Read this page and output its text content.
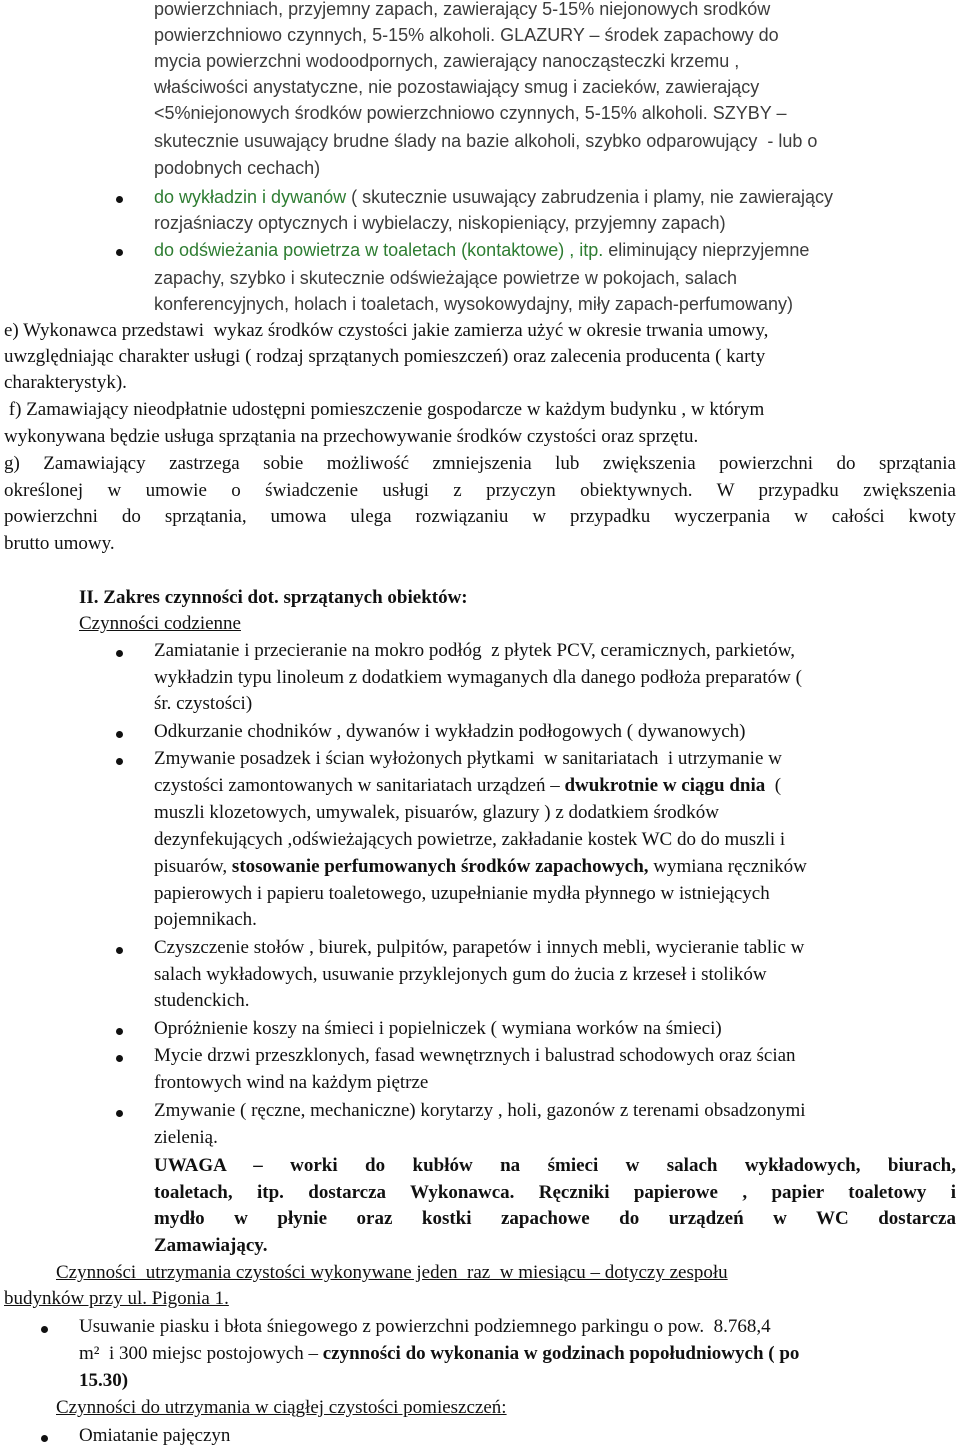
powierzchniach, przyjemny zapach, zawierający 5-15% niejonowych srodków
powierzchniowo czynnych, 5-15% alkoholi. GLAZURY – środek zapachowy do
mycia powierzchni wodoodpornych, zawierający nanocząsteczki krzemu ,
właściwości anystatyczne, nie pozostawiający smug i zacieków, zawierający
<5%niejonowych środków powierzchniowo czynnych, 5-15% alkoholi. SZYBY –
skutecznie usuwający brudne ślady na bazie alkoholi, szybko odparowujący  - lub o
podobnych cechach)
do wykładzin i dywanów ( skutecznie usuwający zabrudzenia i plamy, nie zawierający
rozjaśniaczy optycznych i wybielaczy, niskopieniący, przyjemny zapach)
do odświeżania powietrza w toaletach (kontaktowe) , itp. eliminujący nieprzyjemne
zapachy, szybko i skutecznie odświeżające powietrze w pokojach, salach
konferencyjnych, holach i toaletach, wysokowydajny, miły zapach-perfumowany)
e) Wykonawca przedstawi  wykaz środków czystości jakie zamierza użyć w okresie trwania umowy,
uwzględniając charakter usługi ( rodzaj sprzątanych pomieszczeń) oraz zalecenia producenta ( karty
charakterystyk).
f) Zamawiający nieodpłatnie udostępni pomieszczenie gospodarcze w każdym budynku , w którym
wykonywana będzie usługa sprzątania na przechowywanie środków czystości oraz sprzętu.
g) Zamawiający zastrzega sobie możliwość zmniejszenia lub zwiększenia powierzchni do sprzątania
określonej w umowie o świadczenie usługi z przyczyn obiektywnych. W przypadku zwiększenia
powierzchni do sprzątania, umowa ulega rozwiązaniu w przypadku wyczerpania w całości kwoty
brutto umowy.
II. Zakres czynności dot. sprzątanych obiektów:
Czynności codzienne
Zamiatanie i przecieranie na mokro podłóg  z płytek PCV, ceramicznych, parkietów,
wykładzin typu linoleum z dodatkiem wymaganych dla danego podłoża preparatów (
śr. czystości)
Odkurzanie chodników , dywanów i wykładzin podłogowych ( dywanowych)
Zmywanie posadzek i ścian wyłożonych płytkami  w sanitariatach  i utrzymanie w
czystości zamontowanych w sanitariatach urządzeń – dwukrotnie w ciągu dnia  (
muszli klozetowych, umywalek, pisuarów, glazury ) z dodatkiem środków
dezynfekujących ,odświeżających powietrze, zakładanie kostek WC do do muszli i
pisuarów, stosowanie perfumowanych środków zapachowych, wymiana ręczników
papierowych i papieru toaletowego, uzupełnianie mydła płynnego w istniejących
pojemnikach.
Czyszczenie stołów , biurek, pulpitów, parapetów i innych mebli, wycieranie tablic w
salach wykładowych, usuwanie przyklejonych gum do żucia z krzeseł i stolików
studenckich.
Opróżnienie koszy na śmieci i popielniczek ( wymiana worków na śmieci)
Mycie drzwi przeszklonych, fasad wewnętrznych i balustrad schodowych oraz ścian
frontowych wind na każdym piętrze
Zmywanie ( ręczne, mechaniczne) korytarzy , holi, gazonów z terenami obsadzonymi
zielenią.
UWAGA – worki do kubłów na śmieci w salach wykładowych, biurach,
toaletach, itp. dostarcza Wykonawca. Ręczniki papierowe , papier toaletowy i
mydło w płynie oraz kostki zapachowe do urządzeń w WC dostarcza
Zamawiający.
Czynności  utrzymania czystości wykonywane jeden  raz  w miesiącu – dotyczy zespołu
budynków przy ul. Pigonia 1.
Usuwanie piasku i błota śniegowego z powierzchni podziemnego parkingu o pow.  8.768,4
m²  i 300 miejsc postojowych – czynności do wykonania w godzinach popołudniowych ( po
15.30)
Czynności do utrzymania w ciągłej czystości pomieszczeń:
Omiatanie pajęczyn
